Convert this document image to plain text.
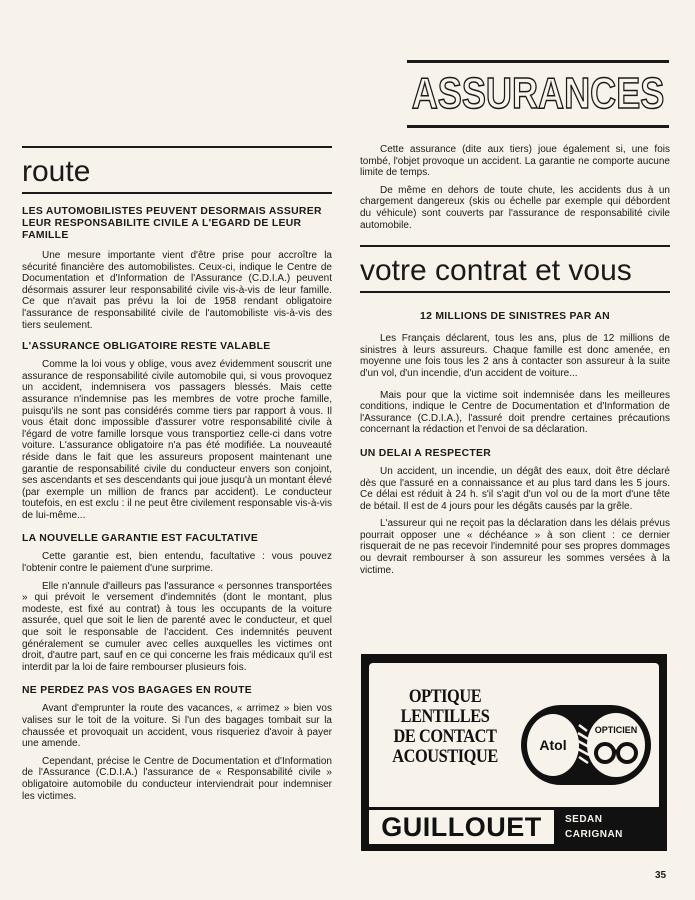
ASSURANCES
route
LES AUTOMOBILISTES PEUVENT DESORMAIS ASSURER LEUR RESPONSABILITE CIVILE A L'EGARD DE LEUR FAMILLE

Une mesure importante vient d'être prise pour accroître la sécurité financière des automobilistes. Ceux-ci, indique le Centre de Documentation et d'Information de l'Assurance (C.D.I.A.) peuvent désormais assurer leur responsabilité civile vis-à-vis de leur famille. Ce que n'avait pas prévu la loi de 1958 rendant obligatoire l'assurance de responsabilité civile de l'automobiliste vis-à-vis des tiers seulement.

L'ASSURANCE OBLIGATOIRE RESTE VALABLE

Comme la loi vous y oblige, vous avez évidemment souscrit une assurance de responsabilité civile automobile qui, si vous provoquez un accident, indemnisera vos passagers blessés. Mais cette assurance n'indemnise pas les membres de votre proche famille, puisqu'ils ne sont pas considérés comme tiers par rapport à vous. Il vous était donc impossible d'assurer votre responsabilité civile à l'égard de votre famille lorsque vous transportiez celle-ci dans votre voiture. L'assurance obligatoire n'a pas été modifiée. La nouveauté réside dans le fait que les assureurs proposent maintenant une garantie de responsabilité civile du conducteur envers son conjoint, ses ascendants et ses descendants qui joue jusqu'à un montant élevé (par exemple un million de francs par accident). Le conducteur toutefois, en est exclu : il ne peut être civilement responsable vis-à-vis de lui-même...

LA NOUVELLE GARANTIE EST FACULTATIVE

Cette garantie est, bien entendu, facultative : vous pouvez l'obtenir contre le paiement d'une surprime.

Elle n'annule d'ailleurs pas l'assurance « personnes transportées » qui prévoit le versement d'indemnités (dont le montant, plus modeste, est fixé au contrat) à tous les occupants de la voiture assurée, quel que soit le lien de parenté avec le conducteur, et quel que soit le responsable de l'accident. Ces indemnités peuvent généralement se cumuler avec celles auxquelles les victimes ont droit, d'autre part, sauf en ce qui concerne les frais médicaux qu'il est interdit par la loi de faire rembourser plusieurs fois.

NE PERDEZ PAS VOS BAGAGES EN ROUTE

Avant d'emprunter la route des vacances, « arrimez » bien vos valises sur le toit de la voiture. Si l'un des bagages tombait sur la chaussée et provoquait un accident, vous risqueriez d'avoir à payer une amende.

Cependant, précise le Centre de Documentation et d'Information de l'Assurance (C.D.I.A.) l'assurance de « Responsabilité civile » obligatoire automobile du conducteur interviendrait pour indemniser les victimes.

Cette assurance (dite aux tiers) joue également si, une fois tombé, l'objet provoque un accident. La garantie ne comporte aucune limite de temps.

De même en dehors de toute chute, les accidents dus à un chargement dangereux (skis ou échelle par exemple qui débordent du véhicule) sont couverts par l'assurance de responsabilité civile automobile.

votre contrat et vous
12 MILLIONS DE SINISTRES PAR AN

Les Français déclarent, tous les ans, plus de 12 millions de sinistres à leurs assureurs. Chaque famille est donc amenée, en moyenne une fois tous les 2 ans à contacter son assureur à la suite d'un vol, d'un incendie, d'un accident de voiture...

Mais pour que la victime soit indemnisée dans les meilleures conditions, indique le Centre de Documentation et d'Information de l'Assurance (C.D.I.A.), l'assuré doit prendre certaines précautions concernant la rédaction et l'envoi de sa déclaration.

UN DELAI A RESPECTER

Un accident, un incendie, un dégât des eaux, doit être déclaré dès que l'assuré en a connaissance et au plus tard dans les 5 jours. Ce délai est réduit à 24 h. s'il s'agit d'un vol ou de la mort d'une tête de bétail. Il est de 4 jours pour les dégâts causés par la grêle.

L'assureur qui ne reçoit pas la déclaration dans les délais prévus pourrait opposer une « déchéance » à son client : ce dernier risquerait de ne pas recevoir l'indemnité pour ses propres dommages ou devrait rembourser à son assureur les sommes versées à la victime.

OPTIQUE
LENTILLES
DE CONTACT
ACOUSTIQUE
Atol
OPTICIEN
GUILLOUET	SEDAN
CARIGNAN
35
